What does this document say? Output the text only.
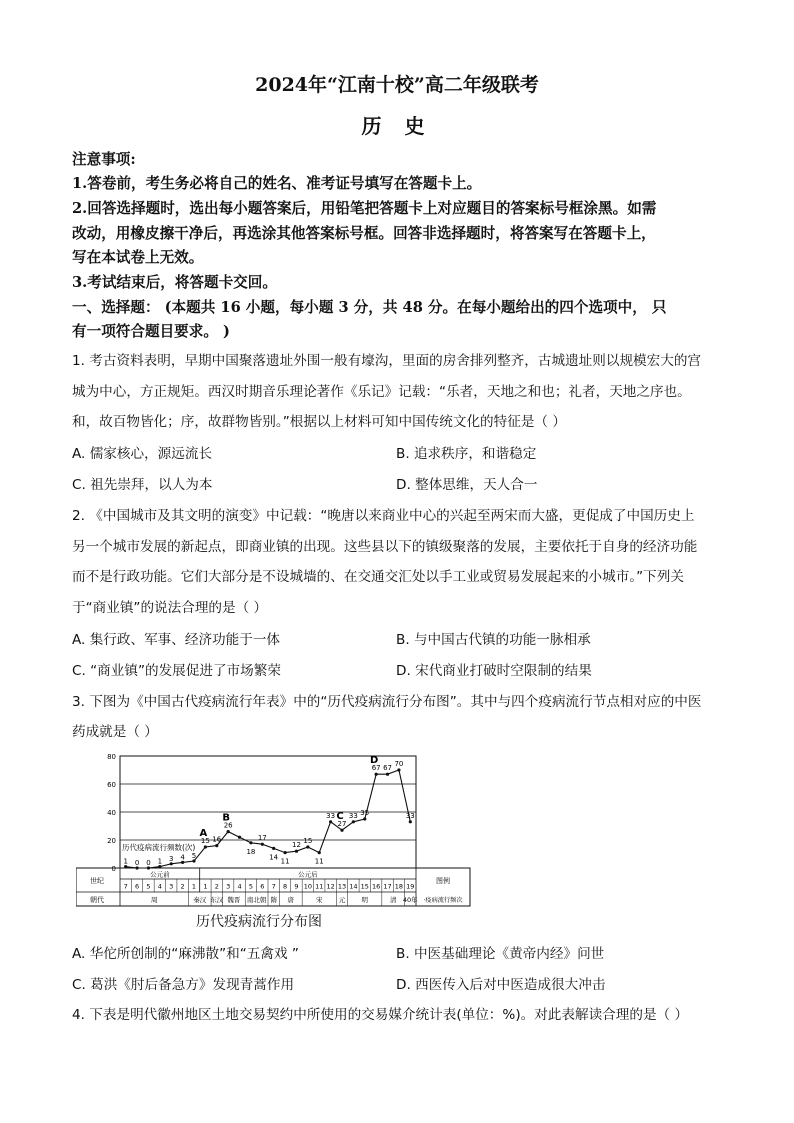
2024年“江南十校”高二年级联考
历 史
注意事项:
1.答卷前，考生务必将自己的姓名、准考证号填写在答题卡上。
2.回答选择题时，选出每小题答案后，用铅笔把答题卡上对应题目的答案标号框涂黑。如需
改动，用橡皮擦干净后，再选涂其他答案标号框。回答非选择题时，将答案写在答题卡上，
写在本试卷上无效。
3.考试结束后，将答题卡交回。
一、选择题： (本题共 16 小题，每小题 3 分，共 48 分。在每小题给出的四个选项中， 只
有一项符合题目要求。 )
1. 考古资料表明，早期中国聚落遗址外围一般有壕沟，里面的房舍排列整齐，古城遗址则以规模宏大的宫
城为中心，方正规矩。西汉时期音乐理论著作《乐记》记载：“乐者，天地之和也；礼者，天地之序也。
和，故百物皆化；序，故群物皆别。”根据以上材料可知中国传统文化的特征是（ ）
A. 儒家核心，源远流长	B. 追求秩序，和谐稳定
C. 祖先崇拜，以人为本	D. 整体思维，天人合一
2. 《中国城市及其文明的演变》中记载：“晚唐以来商业中心的兴起至两宋而大盛，更促成了中国历史上
另一个城市发展的新起点，即商业镇的出现。这些县以下的镇级聚落的发展，主要依托于自身的经济功能
而不是行政功能。它们大部分是不设城墙的、在交通交汇处以手工业或贸易发展起来的小城市。”下列关
于“商业镇”的说法合理的是（ ）
A. 集行政、军事、经济功能于一体	B. 与中国古代镇的功能一脉相承
C. “商业镇”的发展促进了市场繁荣	D. 宋代商业打破时空限制的结果
3. 下图为《中国古代疫病流行年表》中的“历代疫病流行分布图”。其中与四个疫病流行节点相对应的中医
药成就是（ ）
0
20
40
60
80
历代疫病流行频数(次)
1 0 0 1 3 4 5
15 16
26
18
17
14
11
12
15
11
33
27
33 35
67 67
70
33
A
B	C
D
世纪
朝代
公元前	公元后
7 6 5 4 3 2 1 1 2 3 4 5 6 7 8 9 10 11 12 13 14 15 16 17 18 19
周	秦汉 东汉 魏晋 南北朝 隋 唐	宋	元	明	清 40年
图例
·疫病流行频次
历代疫病流行分布图
A. 华佗所创制的“麻沸散”和“五禽戏 ”	B. 中医基础理论《黄帝内经》问世
C. 葛洪《肘后备急方》发现青蒿作用	D. 西医传入后对中医造成很大冲击
4. 下表是明代徽州地区土地交易契约中所使用的交易媒介统计表(单位：%)。对此表解读合理的是（ ）
